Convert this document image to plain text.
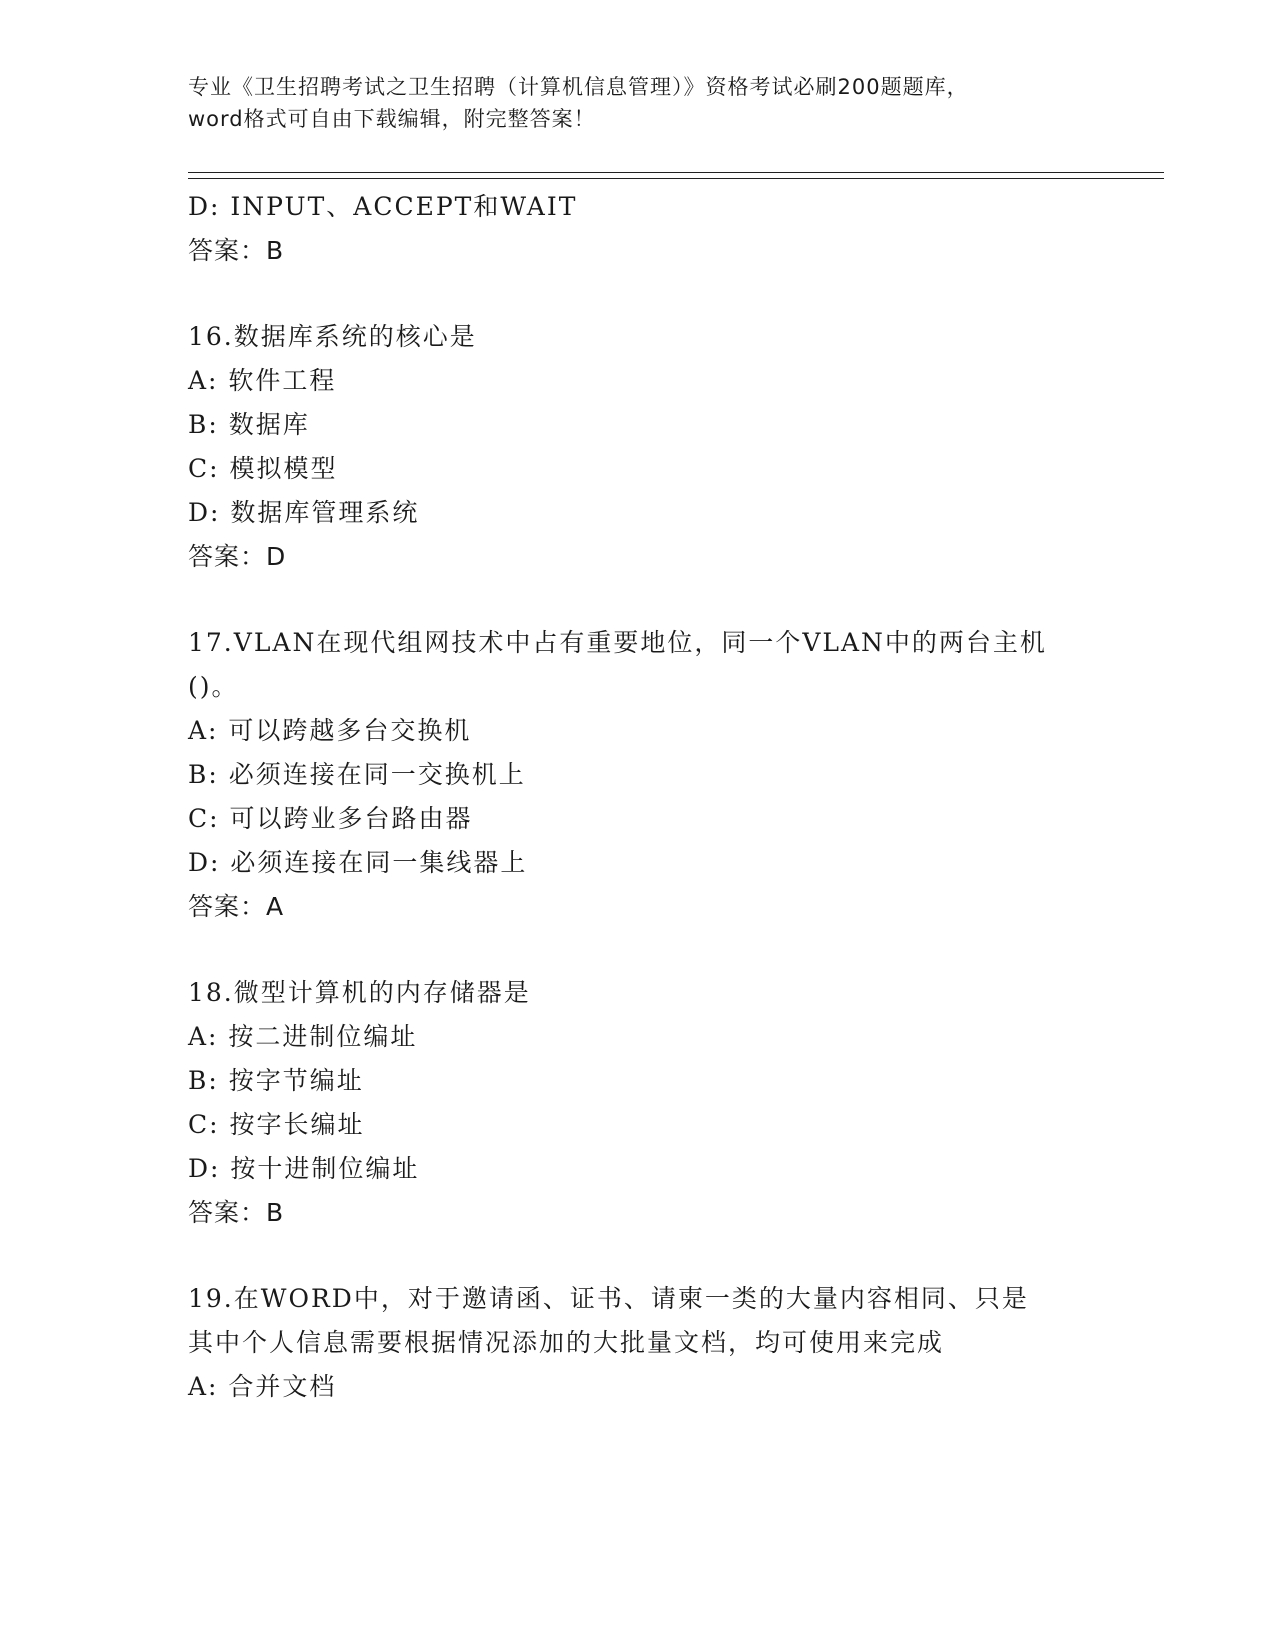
专业《卫生招聘考试之卫生招聘（计算机信息管理）》资格考试必刷200题题库，
word格式可自由下载编辑，附完整答案！
D: INPUT、ACCEPT和WAIT
答案：B
16.数据库系统的核心是
A: 软件工程
B: 数据库
C: 模拟模型
D: 数据库管理系统
答案：D
17.VLAN在现代组网技术中占有重要地位，同一个VLAN中的两台主机
()。
A: 可以跨越多台交换机
B: 必须连接在同一交换机上
C: 可以跨业多台路由器
D: 必须连接在同一集线器上
答案：A
18.微型计算机的内存储器是
A: 按二进制位编址
B: 按字节编址
C: 按字长编址
D: 按十进制位编址
答案：B
19.在WORD中，对于邀请函、证书、请柬一类的大量内容相同、只是
其中个人信息需要根据情况添加的大批量文档，均可使用来完成
A: 合并文档
